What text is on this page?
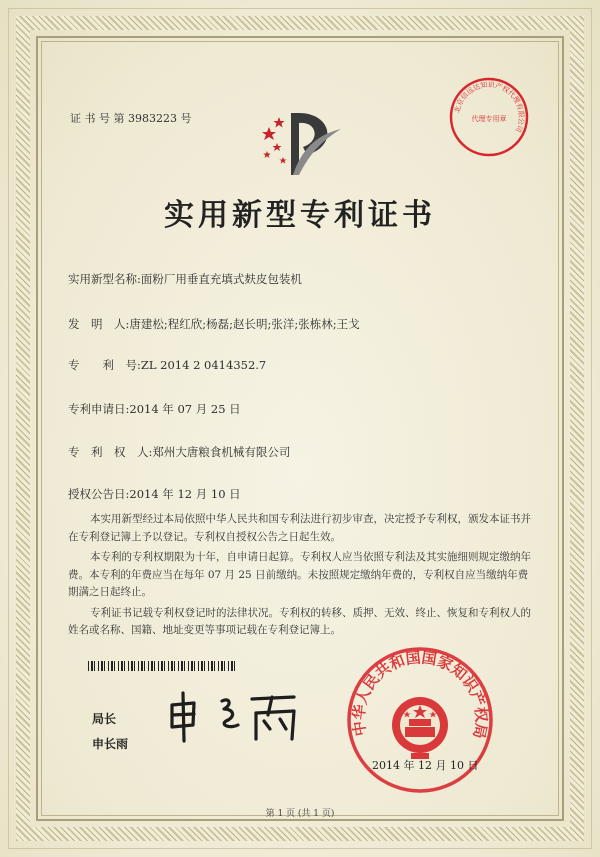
证 书 号 第 3983223 号
实用新型专利证书
实用新型名称:面粉厂用垂直充填式麸皮包装机
发　明　人:唐建松;程红欣;杨磊;赵长明;张洋;张栋林;王戈
专　　利　号:ZL 2014 2 0414352.7
专利申请日:2014 年 07 月 25 日
专　利　权　人:郑州大唐粮食机械有限公司
授权公告日:2014 年 12 月 10 日

本实用新型经过本局依照中华人民共和国专利法进行初步审查，决定授予专利权，颁发本证书并在专利登记簿上予以登记。专利权自授权公告之日起生效。

本专利的专利权期限为十年，自申请日起算。专利权人应当依照专利法及其实施细则规定缴纳年费。本专利的年费应当在每年 07 月 25 日前缴纳。未按照规定缴纳年费的，专利权自应当缴纳年费期满之日起终止。

专利证书记载专利权登记时的法律状况。专利权的转移、质押、无效、终止、恢复和专利权人的姓名或名称、国籍、地址变更等事项记载在专利登记簿上。

局长
申长雨
北京信远达知识产权代理有限公司
代理专用章
中华人民共和国国家知识产权局
2014 年 12 月 10 日
第 1 页 (共 1 页)
